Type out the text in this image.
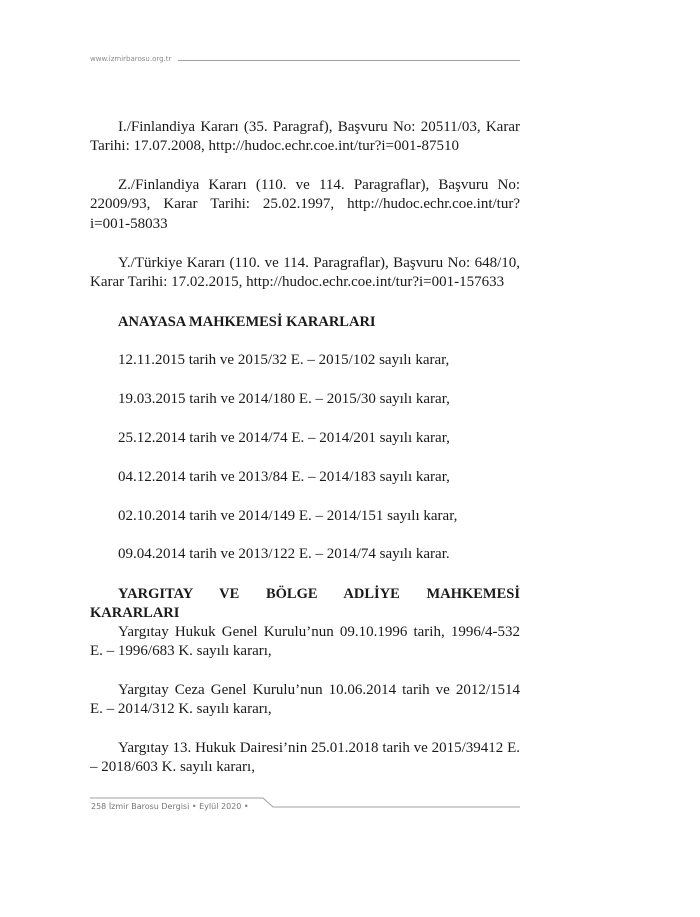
www.izmirbarosu.org.tr
I./Finlandiya Kararı (35. Paragraf), Başvuru No: 20511/03, Karar Tarihi: 17.07.2008, http://hudoc.echr.coe.int/tur?i=001-87510
Z./Finlandiya Kararı (110. ve 114. Paragraflar), Başvuru No: 22009/93, Karar Tarihi: 25.02.1997, http://hudoc.echr.coe.int/tur?i=001-58033
Y./Türkiye Kararı (110. ve 114. Paragraflar), Başvuru No: 648/10, Karar Tarihi: 17.02.2015, http://hudoc.echr.coe.int/tur?i=001-157633
ANAYASA MAHKEMESİ KARARLARI
12.11.2015 tarih ve 2015/32 E. – 2015/102 sayılı karar,
19.03.2015 tarih ve 2014/180 E. – 2015/30 sayılı karar,
25.12.2014 tarih ve 2014/74 E. – 2014/201 sayılı karar,
04.12.2014 tarih ve 2013/84 E. – 2014/183 sayılı karar,
02.10.2014 tarih ve 2014/149 E. – 2014/151 sayılı karar,
09.04.2014 tarih ve 2013/122 E. – 2014/74 sayılı karar.
YARGITAY VE BÖLGE ADLİYE MAHKEMESİ KARARLARI
Yargıtay Hukuk Genel Kurulu’nun 09.10.1996 tarih, 1996/4-532 E. – 1996/683 K. sayılı kararı,
Yargıtay Ceza Genel Kurulu’nun 10.06.2014 tarih ve 2012/1514 E. – 2014/312 K. sayılı kararı,
Yargıtay 13. Hukuk Dairesi’nin 25.01.2018 tarih ve 2015/39412 E. – 2018/603 K. sayılı kararı,
258 İzmir Barosu Dergisi • Eylül 2020 •
